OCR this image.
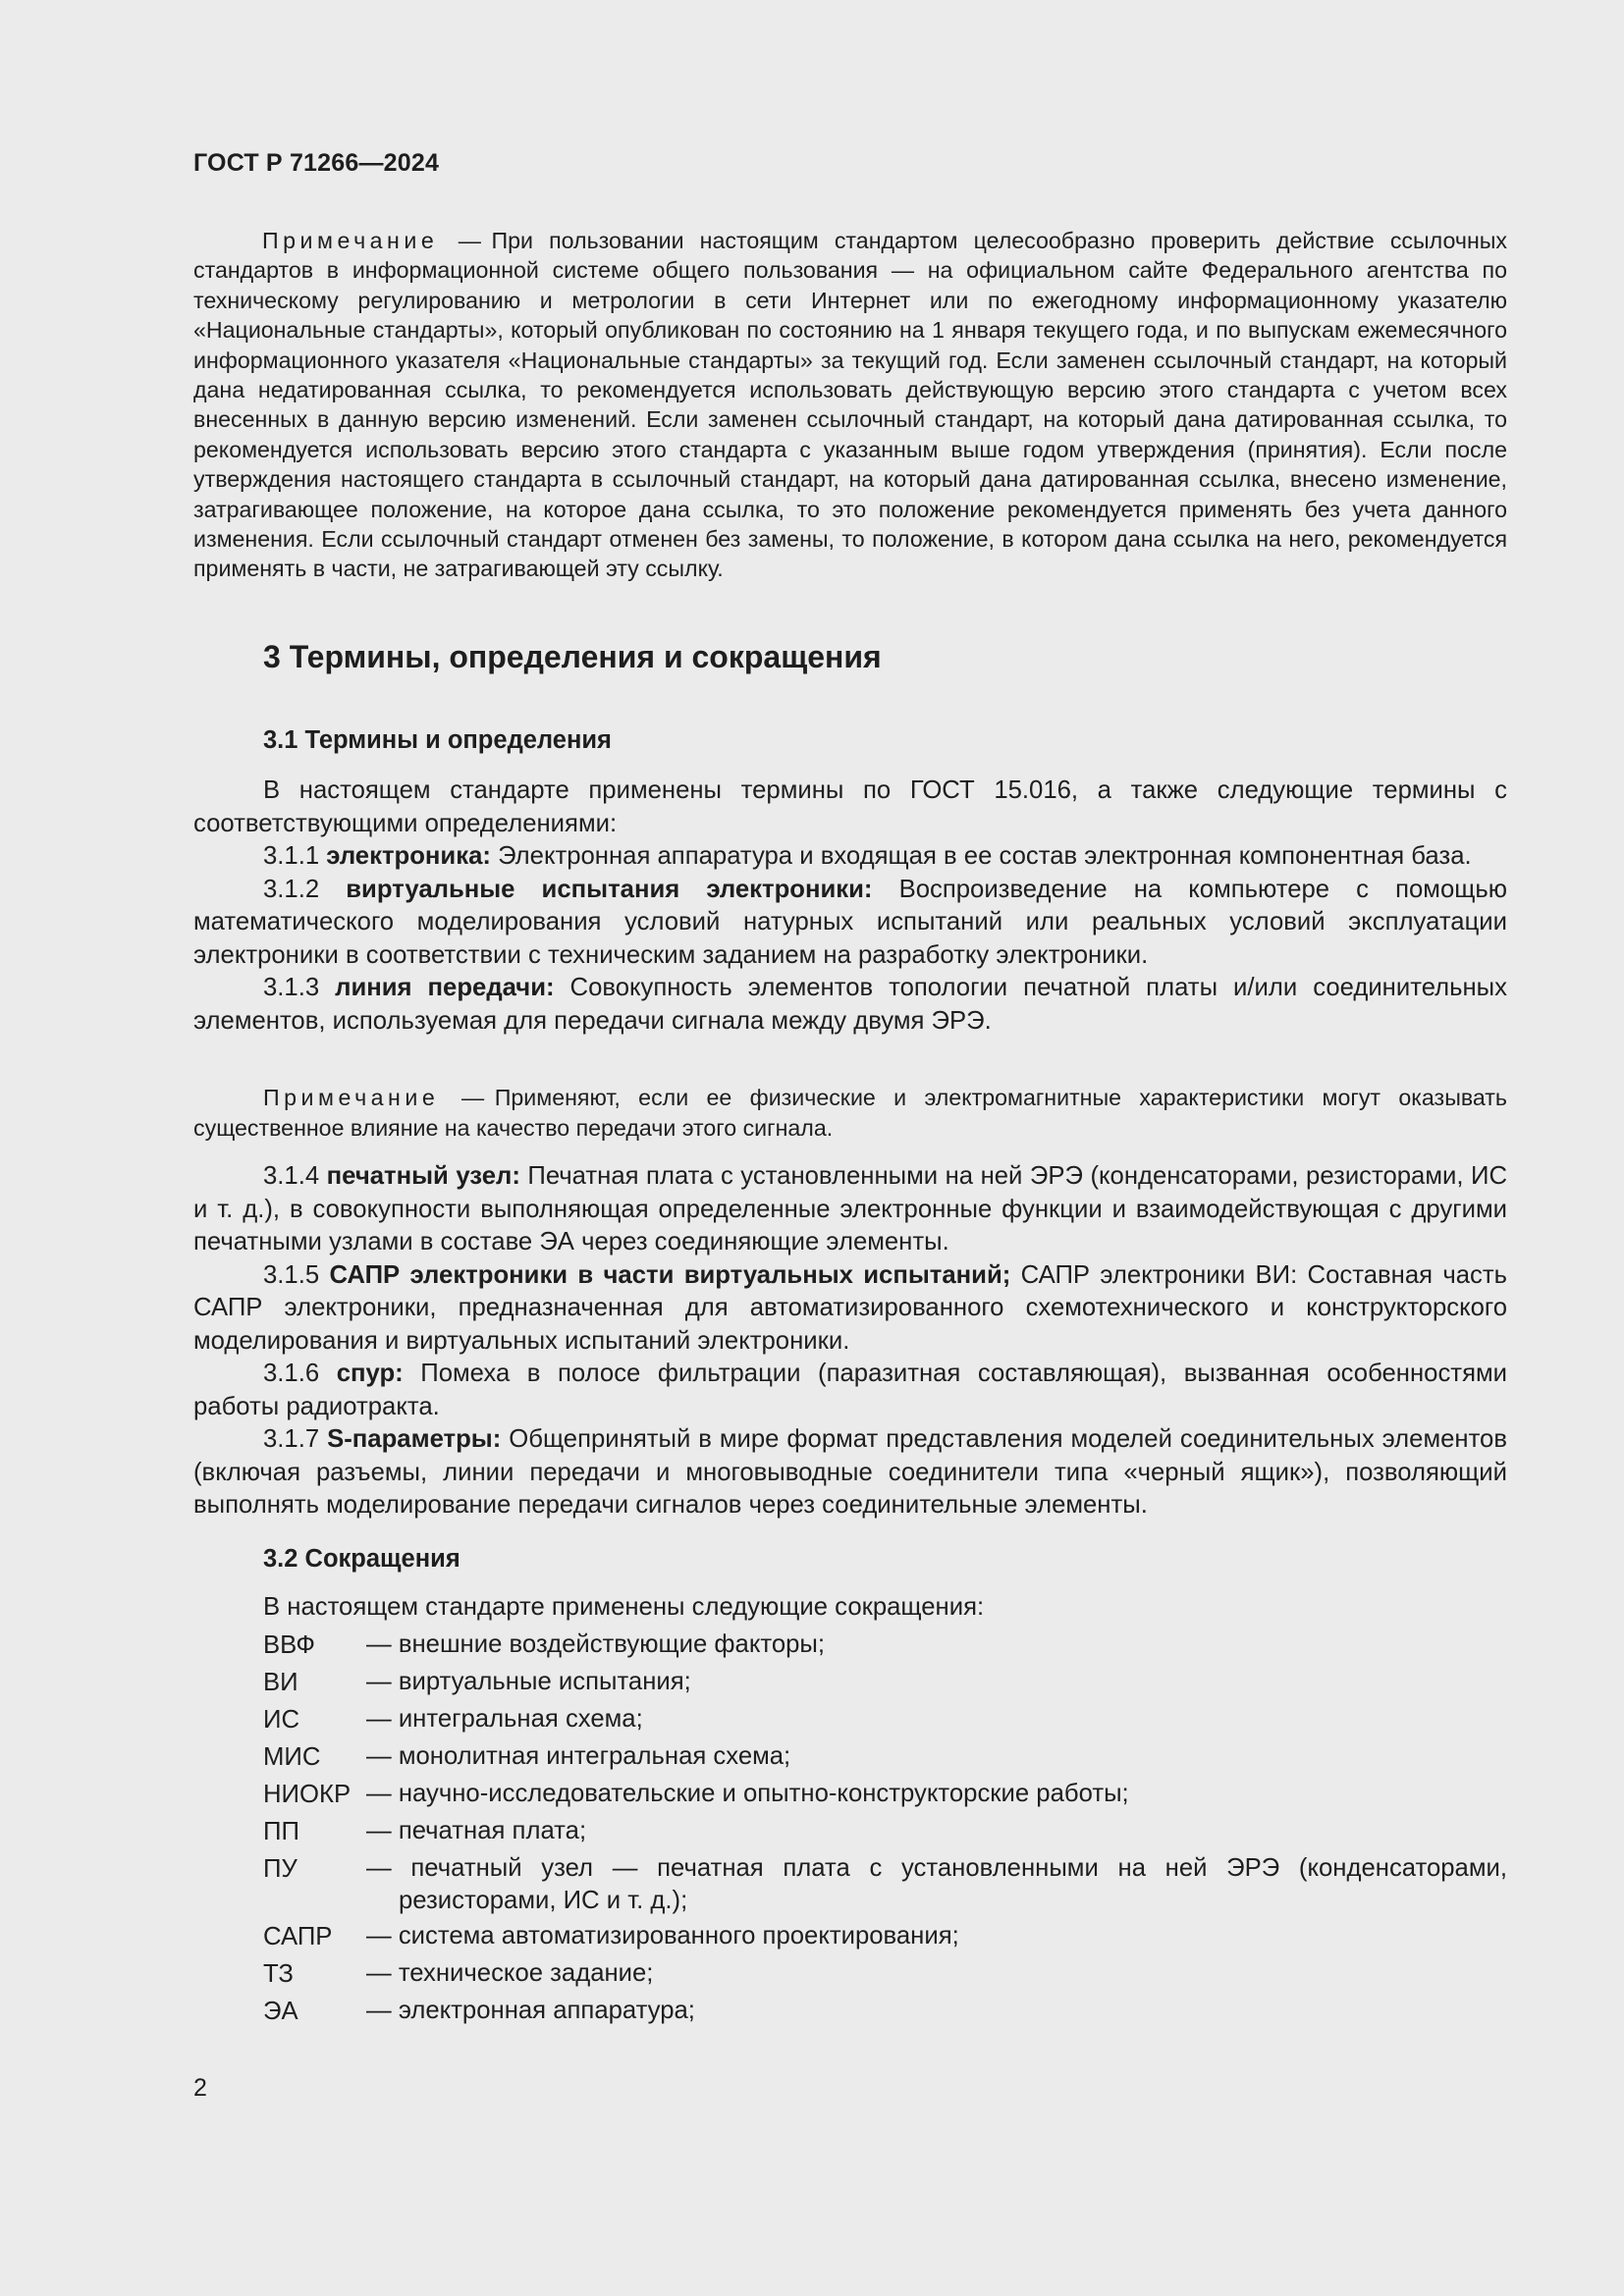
ГОСТ Р 71266—2024

Примечание — При пользовании настоящим стандартом целесообразно проверить действие ссылочных стандартов в информационной системе общего пользования — на официальном сайте Федерального агентства по техническому регулированию и метрологии в сети Интернет или по ежегодному информационному указателю «Национальные стандарты», который опубликован по состоянию на 1 января текущего года, и по выпускам ежемесячного информационного указателя «Национальные стандарты» за текущий год. Если заменен ссылочный стандарт, на который дана недатированная ссылка, то рекомендуется использовать действующую версию этого стандарта с учетом всех внесенных в данную версию изменений. Если заменен ссылочный стандарт, на который дана датированная ссылка, то рекомендуется использовать версию этого стандарта с указанным выше годом утверждения (принятия). Если после утверждения настоящего стандарта в ссылочный стандарт, на который дана датированная ссылка, внесено изменение, затрагивающее положение, на которое дана ссылка, то это положение рекомендуется применять без учета данного изменения. Если ссылочный стандарт отменен без замены, то положение, в котором дана ссылка на него, рекомендуется применять в части, не затрагивающей эту ссылку.

3 Термины, определения и сокращения
3.1 Термины и определения

В настоящем стандарте применены термины по ГОСТ 15.016, а также следующие термины с соответствующими определениями:

3.1.1 электроника: Электронная аппаратура и входящая в ее состав электронная компонентная база.

3.1.2 виртуальные испытания электроники: Воспроизведение на компьютере с помощью математического моделирования условий натурных испытаний или реальных условий эксплуатации электроники в соответствии с техническим заданием на разработку электроники.

3.1.3 линия передачи: Совокупность элементов топологии печатной платы и/или соединительных элементов, используемая для передачи сигнала между двумя ЭРЭ.

Примечание — Применяют, если ее физические и электромагнитные характеристики могут оказывать существенное влияние на качество передачи этого сигнала.

3.1.4 печатный узел: Печатная плата с установленными на ней ЭРЭ (конденсаторами, резисторами, ИС и т. д.), в совокупности выполняющая определенные электронные функции и взаимодействующая с другими печатными узлами в составе ЭА через соединяющие элементы.

3.1.5 САПР электроники в части виртуальных испытаний; САПР электроники ВИ: Составная часть САПР электроники, предназначенная для автоматизированного схемотехнического и конструкторского моделирования и виртуальных испытаний электроники.

3.1.6 спур: Помеха в полосе фильтрации (паразитная составляющая), вызванная особенностями работы радиотракта.

3.1.7 S-параметры: Общепринятый в мире формат представления моделей соединительных элементов (включая разъемы, линии передачи и многовыводные соединители типа «черный ящик»), позволяющий выполнять моделирование передачи сигналов через соединительные элементы.

3.2 Сокращения

В настоящем стандарте применены следующие сокращения:

ВВФ	— внешние воздействующие факторы;
ВИ	— виртуальные испытания;
ИС	— интегральная схема;
МИС	— монолитная интегральная схема;
НИОКР — научно-исследовательские и опытно-конструкторские работы;
ПП	— печатная плата;
ПУ	— печатный узел — печатная плата с установленными на ней ЭРЭ (конденсаторами, резисторами, ИС и т. д.);
САПР	— система автоматизированного проектирования;
ТЗ	— техническое задание;
ЭА	— электронная аппаратура;
2
